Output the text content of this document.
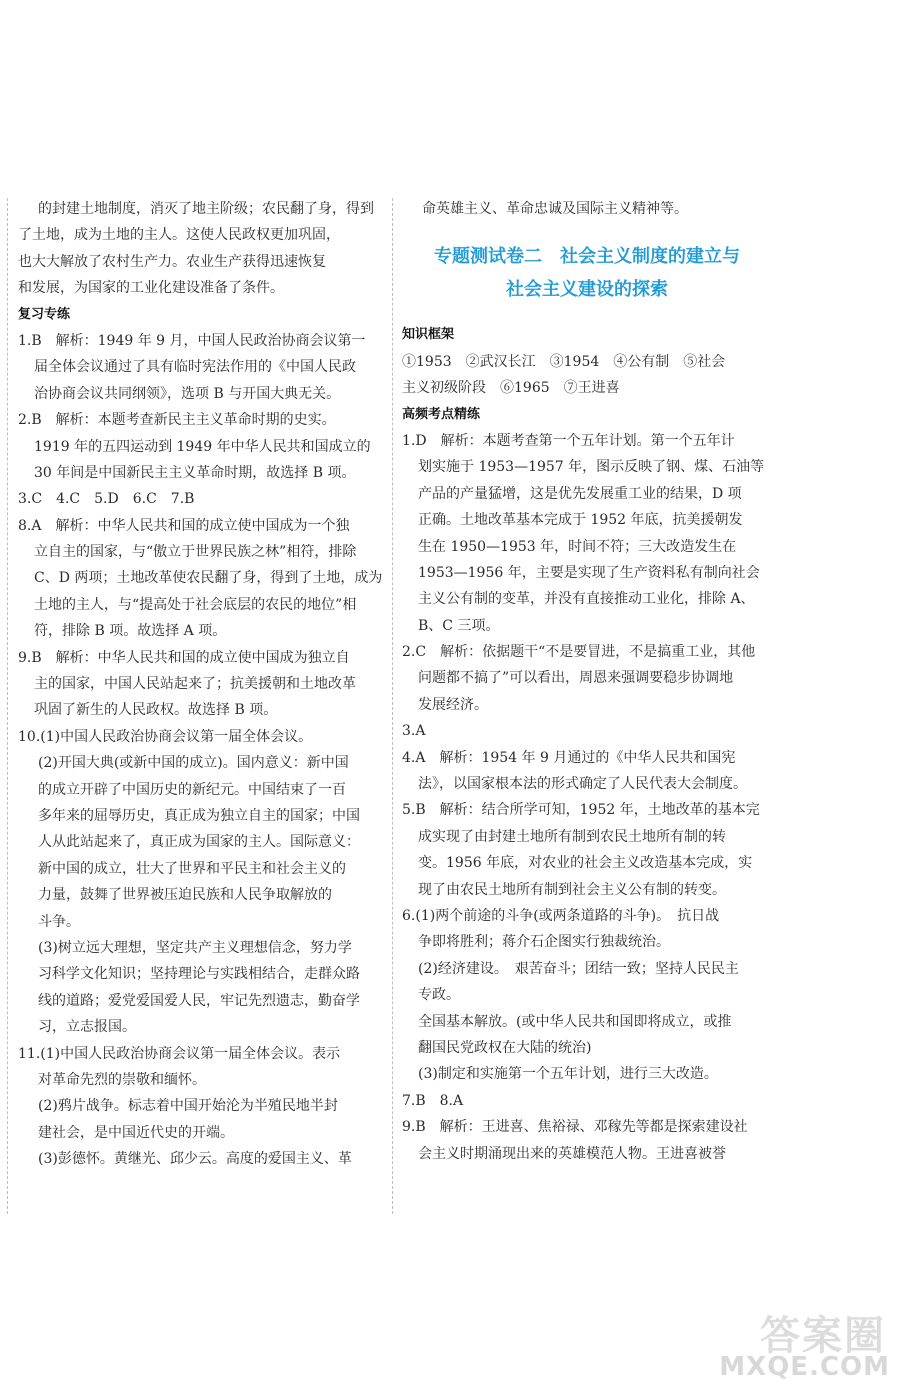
的封建土地制度，消灭了地主阶级；农民翻了身，得到
了土地，成为土地的主人。这使人民政权更加巩固，
也大大解放了农村生产力。农业生产获得迅速恢复
和发展，为国家的工业化建设准备了条件。
复习专练
1.B　解析：1949 年 9 月，中国人民政治协商会议第一
届全体会议通过了具有临时宪法作用的《中国人民政
治协商会议共同纲领》，选项 B 与开国大典无关。
2.B　解析：本题考查新民主主义革命时期的史实。
1919 年的五四运动到 1949 年中华人民共和国成立的
30 年间是中国新民主主义革命时期，故选择 B 项。
3.C　4.C　5.D　6.C　7.B
8.A　解析：中华人民共和国的成立使中国成为一个独
立自主的国家，与“傲立于世界民族之林”相符，排除
C、D 两项；土地改革使农民翻了身，得到了土地，成为
土地的主人，与“提高处于社会底层的农民的地位”相
符，排除 B 项。故选择 A 项。
9.B　解析：中华人民共和国的成立使中国成为独立自
主的国家，中国人民站起来了；抗美援朝和土地改革
巩固了新生的人民政权。故选择 B 项。
10.(1)中国人民政治协商会议第一届全体会议。
(2)开国大典(或新中国的成立)。国内意义：新中国
的成立开辟了中国历史的新纪元。中国结束了一百
多年来的屈辱历史，真正成为独立自主的国家；中国
人从此站起来了，真正成为国家的主人。国际意义：
新中国的成立，壮大了世界和平民主和社会主义的
力量，鼓舞了世界被压迫民族和人民争取解放的
斗争。
(3)树立远大理想，坚定共产主义理想信念，努力学
习科学文化知识；坚持理论与实践相结合，走群众路
线的道路；爱党爱国爱人民，牢记先烈遗志，勤奋学
习，立志报国。
11.(1)中国人民政治协商会议第一届全体会议。表示
对革命先烈的崇敬和缅怀。
(2)鸦片战争。标志着中国开始沦为半殖民地半封
建社会，是中国近代史的开端。
(3)彭德怀。黄继光、邱少云。高度的爱国主义、革
命英雄主义、革命忠诚及国际主义精神等。
专题测试卷二　社会主义制度的建立与
社会主义建设的探索
知识框架
①1953　②武汉长江　③1954　④公有制　⑤社会
主义初级阶段　⑥1965　⑦王进喜
高频考点精练
1.D　解析：本题考查第一个五年计划。第一个五年计
划实施于 1953—1957 年，图示反映了钢、煤、石油等
产品的产量猛增，这是优先发展重工业的结果，D 项
正确。土地改革基本完成于 1952 年底，抗美援朝发
生在 1950—1953 年，时间不符；三大改造发生在
1953—1956 年，主要是实现了生产资料私有制向社会
主义公有制的变革，并没有直接推动工业化，排除 A、
B、C 三项。
2.C　解析：依据题干“不是要冒进，不是搞重工业，其他
问题都不搞了”可以看出，周恩来强调要稳步协调地
发展经济。
3.A
4.A　解析：1954 年 9 月通过的《中华人民共和国宪
法》，以国家根本法的形式确定了人民代表大会制度。
5.B　解析：结合所学可知，1952 年，土地改革的基本完
成实现了由封建土地所有制到农民土地所有制的转
变。1956 年底，对农业的社会主义改造基本完成，实
现了由农民土地所有制到社会主义公有制的转变。
6.(1)两个前途的斗争(或两条道路的斗争)。　抗日战
争即将胜利；蒋介石企图实行独裁统治。
(2)经济建设。　艰苦奋斗；团结一致；坚持人民民主
专政。
全国基本解放。(或中华人民共和国即将成立，或推
翻国民党政权在大陆的统治)
(3)制定和实施第一个五年计划，进行三大改造。
7.B　8.A
9.B　解析：王进喜、焦裕禄、邓稼先等都是探索建设社
会主义时期涌现出来的英雄模范人物。王进喜被誉
答案圈
MXQE.COM
